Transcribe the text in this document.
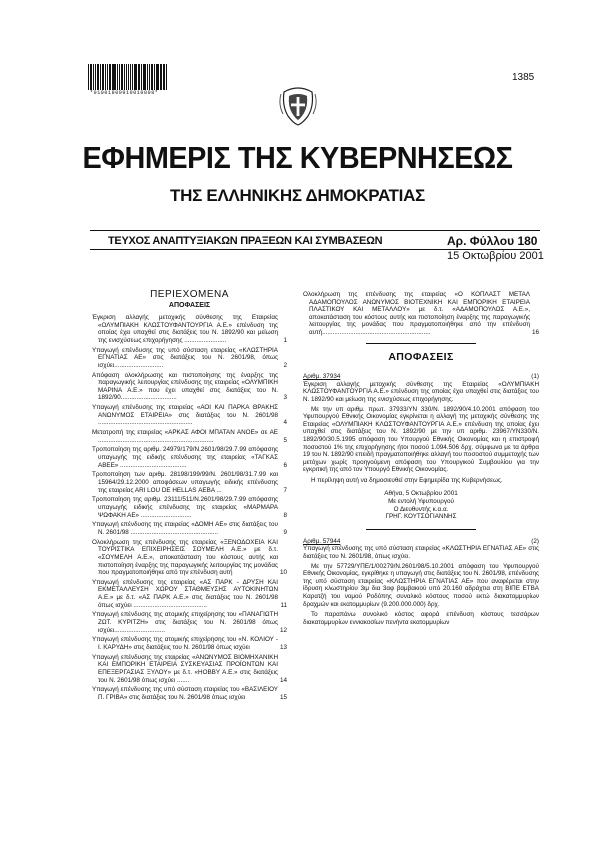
*01001800910010008*
1385
ΕΦΗΜΕΡΙΣ ΤΗΣ ΚΥΒΕΡΝΗΣΕΩΣ
ΤΗΣ ΕΛΛΗΝΙΚΗΣ ΔΗΜΟΚΡΑΤΙΑΣ
ΤΕΥΧΟΣ ΑΝΑΠΤΥΞΙΑΚΩΝ ΠΡΑΞΕΩΝ ΚΑΙ ΣΥΜΒΑΣΕΩΝ	Αρ. Φύλλου 180
15 Οκτωβρίου 2001
ΠΕΡΙΕΧΟΜΕΝΑ
ΑΠΟΦΑΣΕΙΣ
Έγκριση αλλαγής μετοχικής σύνθεσης της Εταιρείας «ΟΛΥΜΠΙΑΚΗ ΚΛΩΣΤΟΥΦΑΝΤΟΥΡΓΙΑ Α.Ε.» επένδυση της οποίας έχει υπαχθεί στις διατάξεις του Ν. 1892/90 και μείωση της ενισχύσεως επιχορήγησης ........................	1
Υπαγωγή επένδυσης της υπό σύσταση εταιρείας «ΚΛΩΣΤΗΡΙΑ ΕΓΝΑΤΙΑΣ ΑΕ» στις διατάξεις του Ν. 2601/98, όπως ισχύει............................	2
Απόφαση ολοκλήρωσης και πιστοποίησης της έναρξης της παραγωγικής λειτουργίας επένδυσης της εταιρείας «ΟΛΥΜΠΙΚΗ ΜΑΡΙΝΑ Α.Ε.» που έχει υπαχθεί στις διατάξεις του Ν. 1892/90................................	3
Υπαγωγή επένδυσης της εταιρείας «ΑΟΙ ΚΑΙ ΠΑΡΚΑ ΘΡΑΚΗΣ ΑΝΩΝΥΜΟΣ ΕΤΑΙΡΕΙΑ» στις διατάξεις του Ν. 2601/98 ......................................................	4
Μετατροπή της εταιρείας «ΑΡΚΑΣ ΑΦΟΙ ΜΠΑΤΑΝ ΑΝΟΕ» σε ΑΕ ..................................................................	5
Τροποποίηση της αριθμ. 24979/179/Ν.2601/98/29.7.99 απόφασης υπαγωγής της ειδικής επένδυσης της εταιρείας «ΤΑΓΚΑΣ ΑΒΕΕ» ......................................	6
Τροποποίηση των αριθμ. 28198/199/99/Ν. 2601/98/31.7.99 και 15964/29.12.2000 αποφάσεων υπαγωγής ειδικής επένδυσης της εταιρείας ΑRI LOU DE HELLAS ΑΕΒΑ ...	7
Τροποποίηση της αριθμ. 23111/511/Ν.2601/98/29.7.99 απόφασης υπαγωγής ειδικής επένδυσης της εταιρείας «ΜΑΡΜΑΡΑ ΨΩΦΑΚΗ ΑΕ» .............................	8
Υπαγωγή επένδυσης της εταιρείας «ΔΟΜΗ ΑΕ» στις διατάξεις του Ν. 2601/98 ..................................................	9
Ολοκλήρωση της επένδυσης της εταιρείας «ΞΕΝΟΔΟΧΕΙΑ ΚΑΙ ΤΟΥΡΙΣΤΙΚΑ ΕΠΙΧΕΙΡΗΣΕΙΣ ΣΟΥΜΕΛΗ Α.Ε.» με δ.τ. «ΣΟΥΜΕΛΗ Α.Ε.», αποκατάσταση του κόστους αυτής και πιστοποίηση έναρξης της παραγωγικής λειτουργίας της μονάδας που πραγματοποιήθηκε από την επένδυση αυτή	10
Υπαγωγή επένδυσης της εταιρείας «ΑΣ ΠΑΡΚ - ΔΡΥΣΗ ΚΑΙ ΕΚΜΕΤΑΛΛΕΥΣΗ ΧΩΡΟΥ ΣΤΑΘΜΕΥΣΗΣ ΑΥΤΟΚΙΝΗΤΩΝ Α.Ε.» με δ.τ. «ΑΣ ΠΑΡΚ Α.Ε.» στις διατάξεις του Ν. 2601/98 όπως ισχύει ..........................................	11
Υπαγωγή επένδυσης της ατομικής επιχείρησης του «ΠΑΝΑΓΙΩΤΗ ΖΩΤ. ΚΥΡΙΤΖΗ» στις διατάξεις του Ν. 2601/98 όπως ισχύει.............................	12
Υπαγωγή επένδυσης της ατομικής επιχείρησης του «Ν. ΚΟΛΙΟΥ - Ι. ΚΑΡΥΔΗ» στις διατάξεις του Ν. 2601/98 όπως ισχύει	13
Υπαγωγή επένδυσης της εταιρείας «ΑΝΩΝΥΜΟΣ ΒΙΟΜΗΧΑΝΙΚΗ ΚΑΙ ΕΜΠΟΡΙΚΗ ΕΤΑΙΡΕΙΑ ΣΥΣΚΕΥΑΣΙΑΣ ΠΡΟΪΟΝΤΩΝ ΚΑΙ ΕΠΕΞΕΡΓΑΣΙΑΣ ΞΥΛΟΥ» με δ.τ. «ΗΟΒΒΥ Α.Ε.» στις διατάξεις του Ν. 2601/98 όπως ισχύει .......	14
Υπαγωγή επένδυσης της υπό σύσταση εταιρείας του «ΒΑΣΙΛΕΙΟΥ Π. ΓΡΙΒΑ» στις διατάξεις του Ν. 2601/98 όπως ισχύει	15
Ολοκλήρωση της επένδυσης της εταιρείας «Ο ΚΟΠΛΑΣΤ ΜΕΤΑΛ ΑΔΑΜΟΠΟΥΛΟΣ ΑΝΩΝΥΜΟΣ ΒΙΟΤΕΧΝΙΚΗ ΚΑΙ ΕΜΠΟΡΙΚΗ ΕΤΑΙΡΕΙΑ ΠΛΑΣΤΙΚΟΥ ΚΑΙ ΜΕΤΑΛΛΟΥ» με δ.τ. «ΑΔΑΜΟΠΟΥΛΟΣ Α.Ε.», αποκατάσταση του κόστους αυτής και πιστοποίηση έναρξης της παραγωγικής λειτουργίας της μονάδας που πραγματοποιήθηκε από την επένδυση αυτή..............................................................	16
ΑΠΟΦΑΣΕΙΣ
Αριθμ. 37934	(1)
Έγκριση αλλαγής μετοχικής σύνθεσης της Εταιρείας «ΟΛΥΜΠΙΑΚΗ ΚΛΩΣΤΟΥΦΑΝΤΟΥΡΓΙΑ Α.Ε.» επένδυση της οποίας έχει υπαχθεί στις διατάξεις του Ν. 1892/90 και μείωση της ενισχύσεως επιχορήγησης.
Με την υπ αριθμ. πρωτ. 37933/ΥΝ 330/Ν. 1892/90/4.10.2001 απόφαση του Υφυπουργού Εθνικής Οικονομίας εγκρίνεται η αλλαγή της μετοχικής σύνθεσης της Εταιρείας «ΟΛΥΜΠΙΑΚΗ ΚΛΩΣΤΟΥΦΑΝΤΟΥΡΓΙΑ Α.Ε.» επένδυση της οποίας έχει υπαχθεί στις διατάξεις του Ν. 1892/90 με την υπ αριθμ. 23967/ΥΝ330/Ν. 1892/90/30.5.1995 απόφαση του Υπουργού Εθνικής Οικονομίας και η επιστροφή ποσοστού 1% της επιχορήγησης ήτοι ποσού 1.094.506 δρχ. σύμφωνα με τα άρθρα 19 του Ν. 1892/90 επειδή πραγματοποιήθηκε αλλαγή του ποσοστού συμμετοχής των μετόχων χωρίς προηγούμενη απόφαση του Υπουργικού Συμβουλίου για την εγκριτική της από τον Υπουργό Εθνικής Οικονομίας.
Η περίληψη αυτή να δημοσιευθεί στην Εφημερίδα της Κυβερνήσεως.
Αθήνα, 5 Οκτωβρίου 2001
Με εντολή Υφυπουργού
Ο Διευθυντής κ.α.α.
ΓΡΗΓ. ΚΟΥΤΣΟΓΙΑΝΝΗΣ
Αριθμ. 57944	(2)
Υπαγωγή επένδυσης της υπό σύσταση εταιρείας «ΚΛΩΣΤΗΡΙΑ ΕΓΝΑΤΙΑΣ ΑΕ» στις διατάξεις του Ν. 2601/98, όπως ισχύει.
Με την 57729/ΥΠΕ/1/00279/Ν.2601/98/5.10.2001 απόφαση του Υφυπουργού Εθνικής Οικονομίας, εγκρίθηκε η υπαγωγή στις διατάξεις του Ν. 2601/98, επένδυσης της υπό σύσταση εταιρείας «ΚΛΩΣΤΗΡΙΑ ΕΓΝΑΤΙΑΣ ΑΕ» που αναφέρεται στην ίδρυση κλωστηρίου 3ιμ δια 3αφ βαμβακιού υπό 20.160 αδράχτια στη ΒΙΠΕ ΕΤΒΑ Καρατζή του νομού Ροδόπης συναλικό κόστους ποσού εκτώ διακατομμυρίων δραχμών και εκατομμυρίων (9.200.000.000) δρχ.
Το παραπάνω συνολικό κόστος αφορά επένδυση κόστους τεσσάρων διακατομμυρίων εννιακοσίων πενήντα εκατομμυρίων
